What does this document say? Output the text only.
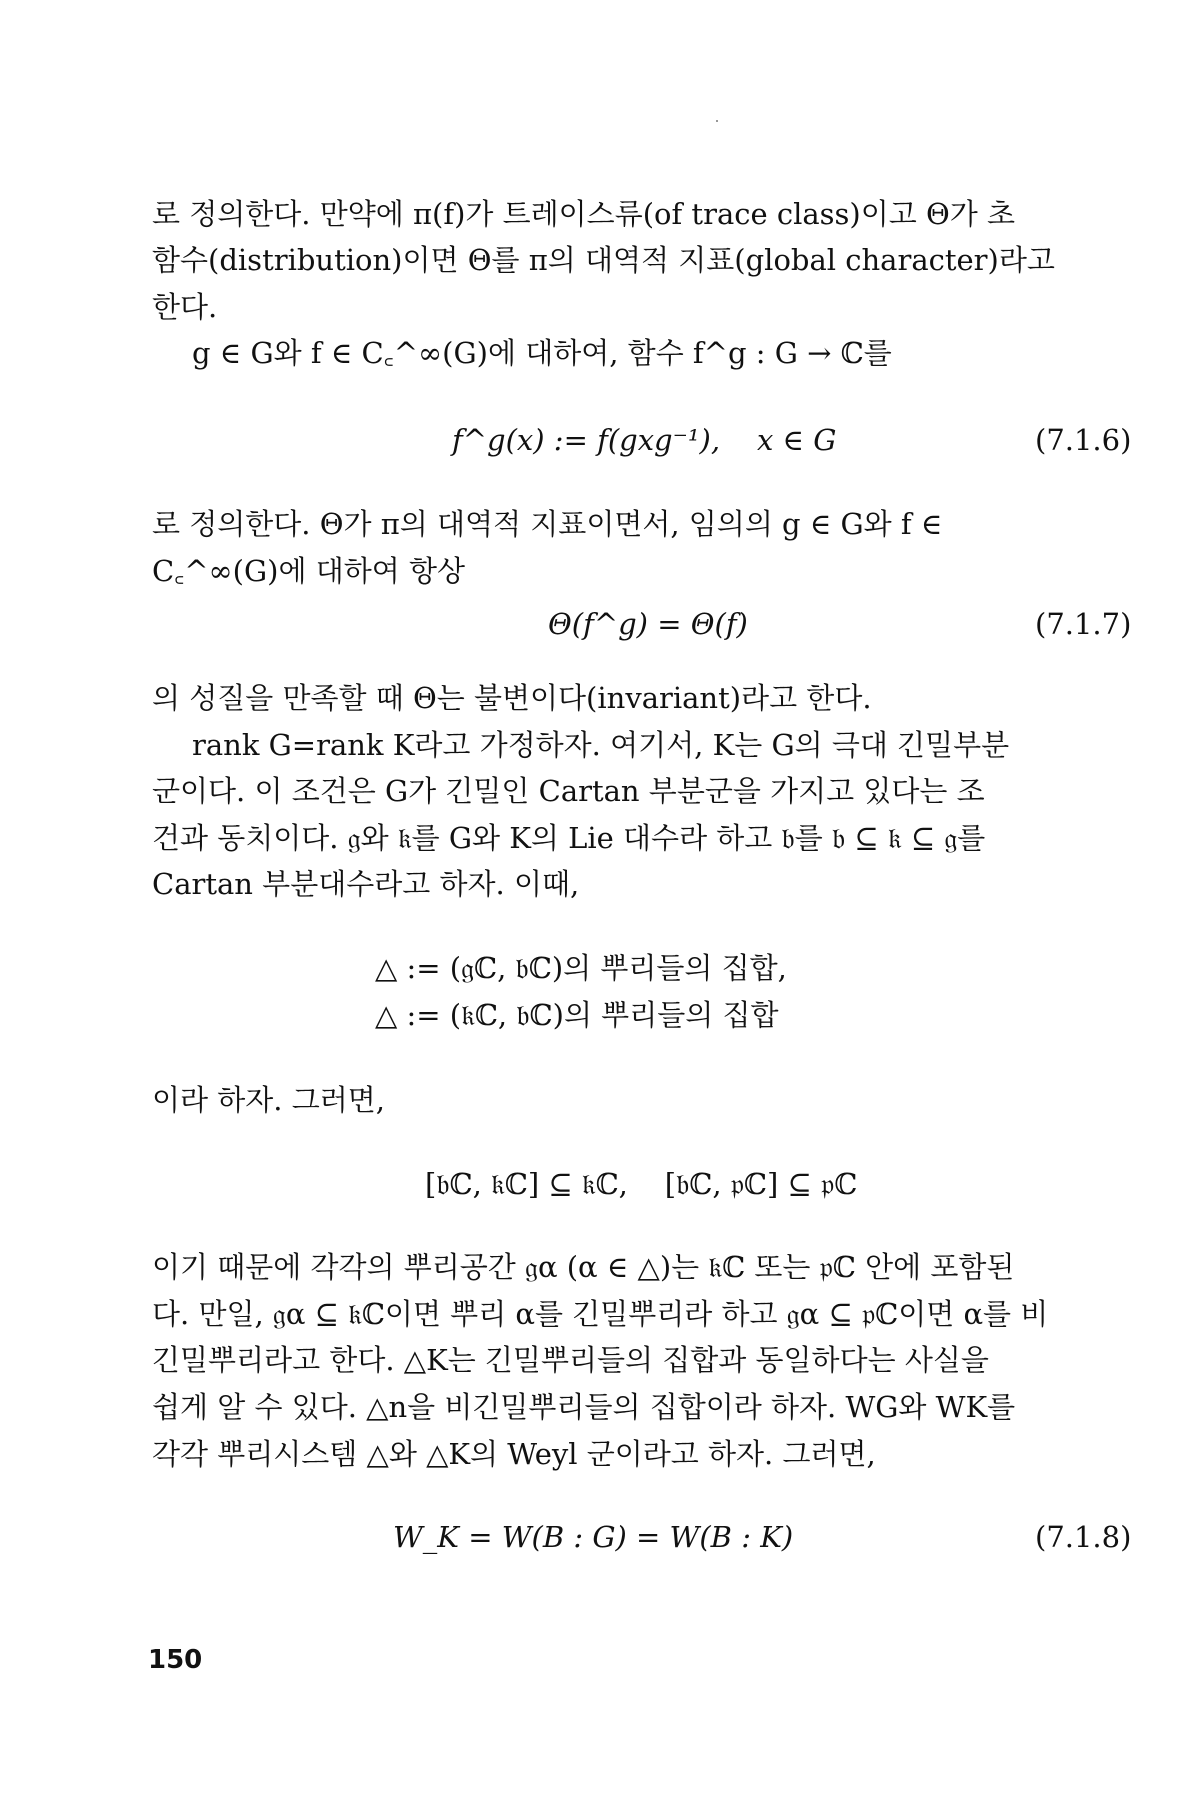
로 정의한다. 만약에 π(f)가 트레이스류(of trace class)이고 Θ가 초
함수(distribution)이면 Θ를 π의 대역적 지표(global character)라고
한다.
g ∈ G와 f ∈ C꜀^∞(G)에 대하여, 함수 f^g : G → ℂ를
f^g(x) := f(gxg⁻¹),    x ∈ G	(7.1.6)
로 정의한다. Θ가 π의 대역적 지표이면서, 임의의 g ∈ G와 f ∈
C꜀^∞(G)에 대하여 항상
Θ(f^g) = Θ(f)	(7.1.7)
의 성질을 만족할 때 Θ는 불변이다(invariant)라고 한다.
rank G=rank K라고 가정하자. 여기서, K는 G의 극대 긴밀부분
군이다. 이 조건은 G가 긴밀인 Cartan 부분군을 가지고 있다는 조
건과 동치이다. 𝔤와 𝔨를 G와 K의 Lie 대수라 하고 𝔟를 𝔟 ⊆ 𝔨 ⊆ 𝔤를
Cartan 부분대수라고 하자. 이때,
△ := (𝔤ℂ, 𝔟ℂ)의 뿌리들의 집합,
△ := (𝔨ℂ, 𝔟ℂ)의 뿌리들의 집합
이라 하자. 그러면,
[𝔟ℂ, 𝔨ℂ] ⊆ 𝔨ℂ,    [𝔟ℂ, 𝔭ℂ] ⊆ 𝔭ℂ
이기 때문에 각각의 뿌리공간 𝔤α (α ∈ △)는 𝔨ℂ 또는 𝔭ℂ 안에 포함된
다. 만일, 𝔤α ⊆ 𝔨ℂ이면 뿌리 α를 긴밀뿌리라 하고 𝔤α ⊆ 𝔭ℂ이면 α를 비
긴밀뿌리라고 한다. △K는 긴밀뿌리들의 집합과 동일하다는 사실을
쉽게 알 수 있다. △n을 비긴밀뿌리들의 집합이라 하자. WG와 WK를
각각 뿌리시스템 △와 △K의 Weyl 군이라고 하자. 그러면,
W_K = W(B : G) = W(B : K)	(7.1.8)
150
